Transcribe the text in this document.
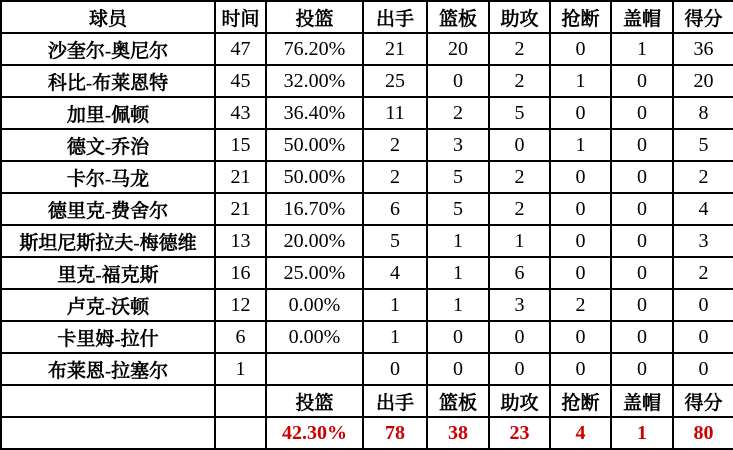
球员	时间	投篮	出手	篮板	助攻	抢断	盖帽	得分
沙奎尔-奥尼尔	47	76.20%	21	20	2	0	1	36
科比-布莱恩特	45	32.00%	25	0	2	1	0	20
加里-佩顿	43	36.40%	11	2	5	0	0	8
德文-乔治	15	50.00%	2	3	0	1	0	5
卡尔-马龙	21	50.00%	2	5	2	0	0	2
德里克-费舍尔	21	16.70%	6	5	2	0	0	4
斯坦尼斯拉夫-梅德维	13	20.00%	5	1	1	0	0	3
里克-福克斯	16	25.00%	4	1	6	0	0	2
卢克-沃顿	12	0.00%	1	1	3	2	0	0
卡里姆-拉什	6	0.00%	1	0	0	0	0	0
布莱恩-拉塞尔	1		0	0	0	0	0	0
		投篮	出手	篮板	助攻	抢断	盖帽	得分
		42.30%	78	38	23	4	1	80
